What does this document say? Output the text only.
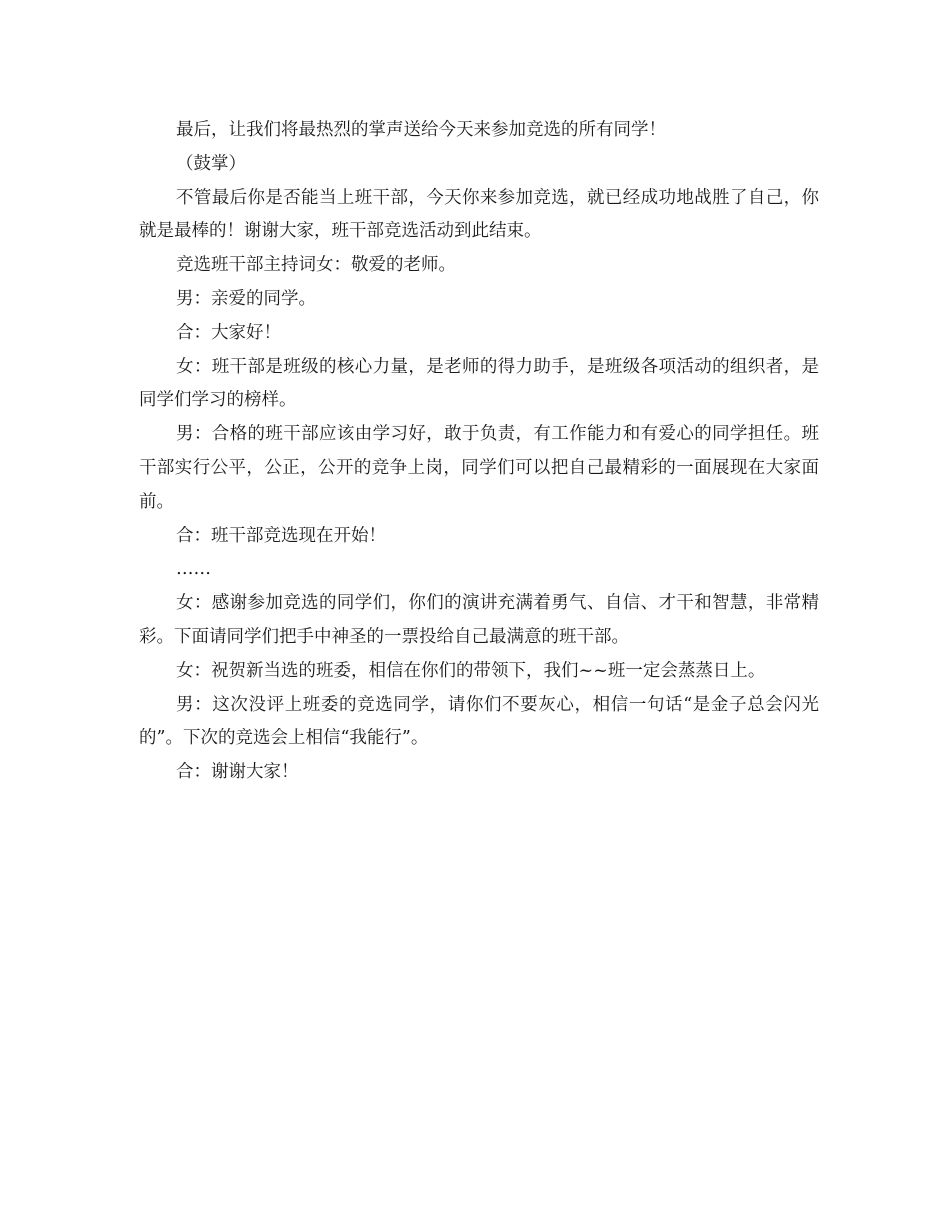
最后，让我们将最热烈的掌声送给今天来参加竞选的所有同学！

（鼓掌）

不管最后你是否能当上班干部，今天你来参加竞选，就已经成功地战胜了自己，你就是最棒的！谢谢大家，班干部竞选活动到此结束。

竞选班干部主持词女：敬爱的老师。

男：亲爱的同学。

合：大家好！

女：班干部是班级的核心力量，是老师的得力助手，是班级各项活动的组织者，是同学们学习的榜样。

男：合格的班干部应该由学习好，敢于负责，有工作能力和有爱心的同学担任。班干部实行公平，公正，公开的竞争上岗，同学们可以把自己最精彩的一面展现在大家面前。

合：班干部竞选现在开始！

……

女：感谢参加竞选的同学们，你们的演讲充满着勇气、自信、才干和智慧，非常精彩。下面请同学们把手中神圣的一票投给自己最满意的班干部。

女：祝贺新当选的班委，相信在你们的带领下，我们~~班一定会蒸蒸日上。

男：这次没评上班委的竞选同学，请你们不要灰心，相信一句话“是金子总会闪光的”。下次的竞选会上相信“我能行”。

合：谢谢大家！
